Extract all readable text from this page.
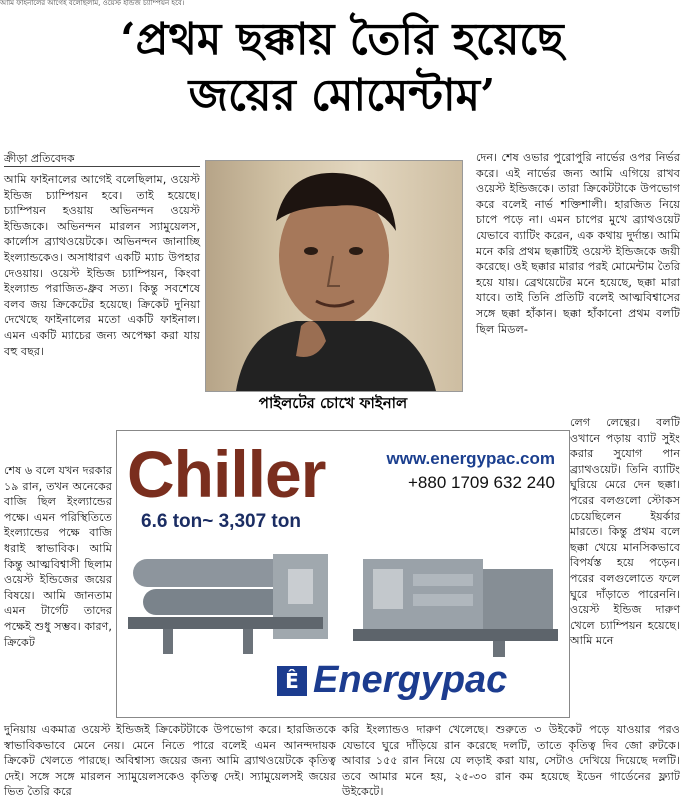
আমি ফাইনালের আগেই বলেছিলাম, ওয়েস্ট ইন্ডিজ চ্যাম্পিয়ন হবে।
‘প্রথম ছক্কায় তৈরি হয়েছে
জয়ের মোমেন্টাম’
ক্রীড়া প্রতিবেদক

আমি ফাইনালের আগেই বলেছিলাম, ওয়েস্ট ইন্ডিজ চ্যাম্পিয়ন হবে। তাই হয়েছে। চ্যাম্পিয়ন হওয়ায় অভিনন্দন ওয়েস্ট ইন্ডিজকে। অভিনন্দন মারলন স্যামুয়েলস, কার্লোস ব্র্যাথওয়েটকে। অভিনন্দন জানাচ্ছি ইংল্যান্ডকেও। অসাধারণ একটি ম্যাচ উপহার দেওয়ায়। ওয়েস্ট ইন্ডিজ চ্যাম্পিয়ন, কিংবা ইংল্যান্ড পরাজিত-ধ্রুব সত্য। কিন্তু সবশেষে বলব জয় ক্রিকেটের হয়েছে। ক্রিকেট দুনিয়া দেখেছে ফাইনালের মতো একটি ফাইনাল। এমন একটি ম্যাচের জন্য অপেক্ষা করা যায় বহু বছর।

পাইলটের চোখে ফাইনাল

দেন। শেষ ওভার পুরোপুরি নার্ভের ওপর নির্ভর করে। এই নার্ভের জন্য আমি এগিয়ে রাখব ওয়েস্ট ইন্ডিজকে। তারা ক্রিকেটটাকে উপভোগ করে বলেই নার্ভ শক্তিশালী। হারজিত নিয়ে চাপে পড়ে না। এমন চাপের মুখে ব্র্যাথওয়েট যেভাবে ব্যাটিং করেন, এক কথায় দুর্দান্ত। আমি মনে করি প্রথম ছক্কাটিই ওয়েস্ট ইন্ডিজকে জয়ী করেছে। ওই ছক্কার মারার পরই মোমেন্টাম তৈরি হয়ে যায়। ব্রেথয়েটের মনে হয়েছে, ছক্কা মারা যাবে। তাই তিনি প্রতিটি বলেই আত্মবিশ্বাসের সঙ্গে ছক্কা হাঁকান। ছক্কা হাঁকানো প্রথম বলটি ছিল মিডল-

শেষ ৬ বলে যখন দরকার ১৯ রান, তখন অনেকের বাজি ছিল ইংল্যান্ডের পক্ষে। এমন পরিস্থিতিতে ইংল্যান্ডের পক্ষে বাজি ধরাই স্বাভাবিক। আমি কিন্তু আত্মবিশ্বাসী ছিলাম ওয়েস্ট ইন্ডিজের জয়ের বিষয়ে। আমি জানতাম এমন টার্গেট তাদের পক্ষেই শুধু সম্ভব। কারণ, ক্রিকেট

লেগ লেন্থের। বলটি ওখানে পড়ায় ব্যাট সুইং করার সুযোগ পান ব্র্যাথওয়েট। তিনি ব্যাটিং ঘুরিয়ে মেরে দেন ছক্কা। পরের বলগুলো স্টোকস চেয়েছিলেন ইয়র্কার মারতে। কিন্তু প্রথম বলে ছক্কা খেয়ে মানসিকভাবে বিপর্যস্ত হয়ে পড়েন। পরের বলগুলোতে ফলে ঘুরে দাঁড়াতে পারেননি। ওয়েস্ট ইন্ডিজ দারুণ খেলে চ্যাম্পিয়ন হয়েছে। আমি মনে

Chiller
6.6 ton~ 3,307 ton
www.energypac.com
+880 1709 632 240
Ê Energypac
দুনিয়ায় একমাত্র ওয়েস্ট ইন্ডিজই ক্রিকেটটাকে উপভোগ করে। হারজিতকে স্বাভাবিকভাবে মেনে নেয়। মেনে নিতে পারে বলেই এমন আনন্দদায়ক ক্রিকেট খেলতে পারছে। অবিশ্বাস্য জয়ের জন্য আমি ব্র্যাথওয়েটকে কৃতিত্ব দেই। সঙ্গে সঙ্গে মারলন স্যামুয়েলসকেও কৃতিত্ব দেই। স্যামুয়েলসই জয়ের ভিত তৈরি করে
করি ইংল্যান্ডও দারুণ খেলেছে। শুরুতে ৩ উইকেট পড়ে যাওয়ার পরও যেভাবে ঘুরে দাঁড়িয়ে রান করেছে দলটি, তাতে কৃতিত্ব দিব জো রুটকে। আবার ১৫৫ রান নিয়ে যে লড়াই করা যায়, সেটাও দেখিয়ে দিয়েছে দলটি। তবে আমার মনে হয়, ২৫-৩০ রান কম হয়েছে ইডেন গার্ডেনের ফ্ল্যাট উইকেটে।
